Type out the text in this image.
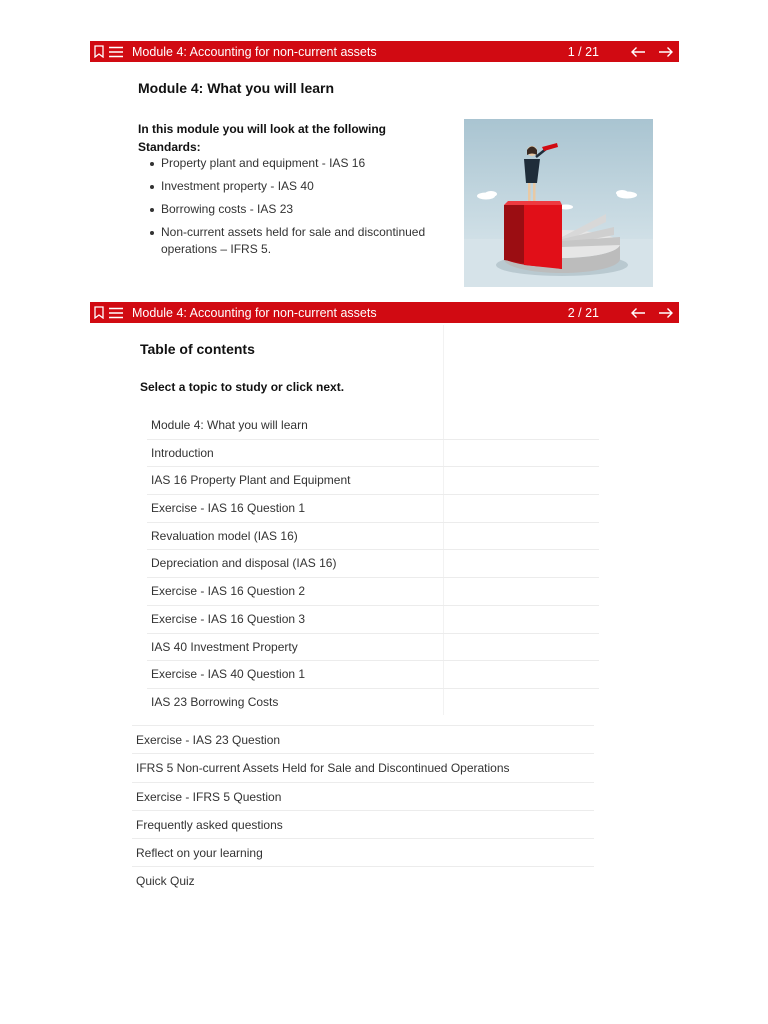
Module 4: Accounting for non-current assets	1 / 21
Module 4: What you will learn
In this module you will look at the following Standards:
Property plant and equipment - IAS 16
Investment property - IAS 40
Borrowing costs - IAS 23
Non-current assets held for sale and discontinued operations – IFRS 5.
Module 4: Accounting for non-current assets	2 / 21
Table of contents
Select a topic to study or click next.
Module 4: What you will learn
Introduction
IAS 16 Property Plant and Equipment
Exercise - IAS 16 Question 1
Revaluation model (IAS 16)
Depreciation and disposal (IAS 16)
Exercise - IAS 16 Question 2
Exercise - IAS 16 Question 3
IAS 40 Investment Property
Exercise - IAS 40 Question 1
IAS 23 Borrowing Costs
Exercise - IAS 23 Question
IFRS 5 Non-current Assets Held for Sale and Discontinued Operations
Exercise - IFRS 5 Question
Frequently asked questions
Reflect on your learning
Quick Quiz
